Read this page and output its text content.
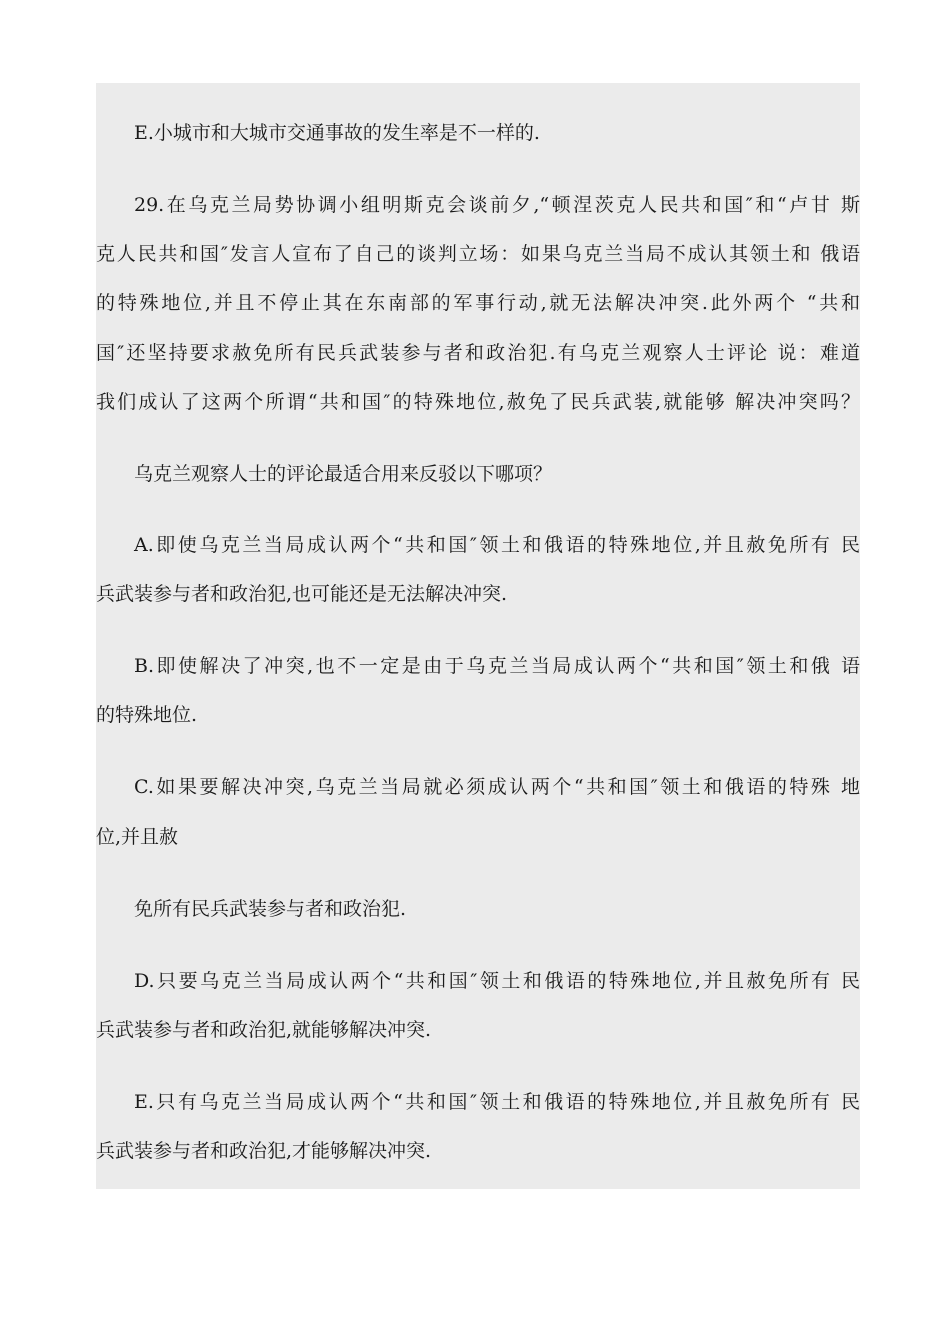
E.小城市和大城市交通事故的发生率是不一样的.
29.在乌克兰局势协调小组明斯克会谈前夕,“顿涅茨克人民共和国″和“卢甘 斯
克人民共和国″发言人宣布了自己的谈判立场：如果乌克兰当局不成认其领土和 俄语
的特殊地位,并且不停止其在东南部的军事行动,就无法解决冲突.此外两个 “共和
国″还坚持要求赦免所有民兵武装参与者和政治犯.有乌克兰观察人士评论 说：难道
我们成认了这两个所谓“共和国″的特殊地位,赦免了民兵武装,就能够 解决冲突吗？
乌克兰观察人士的评论最适合用来反驳以下哪项？
A.即使乌克兰当局成认两个“共和国″领土和俄语的特殊地位,并且赦免所有 民
兵武装参与者和政治犯,也可能还是无法解决冲突.
B.即使解决了冲突,也不一定是由于乌克兰当局成认两个“共和国″领土和俄 语
的特殊地位.
C.如果要解决冲突,乌克兰当局就必须成认两个“共和国″领土和俄语的特殊 地
位,并且赦
免所有民兵武装参与者和政治犯.
D.只要乌克兰当局成认两个“共和国″领土和俄语的特殊地位,并且赦免所有 民
兵武装参与者和政治犯,就能够解决冲突.
E.只有乌克兰当局成认两个“共和国″领土和俄语的特殊地位,并且赦免所有 民
兵武装参与者和政治犯,才能够解决冲突.
